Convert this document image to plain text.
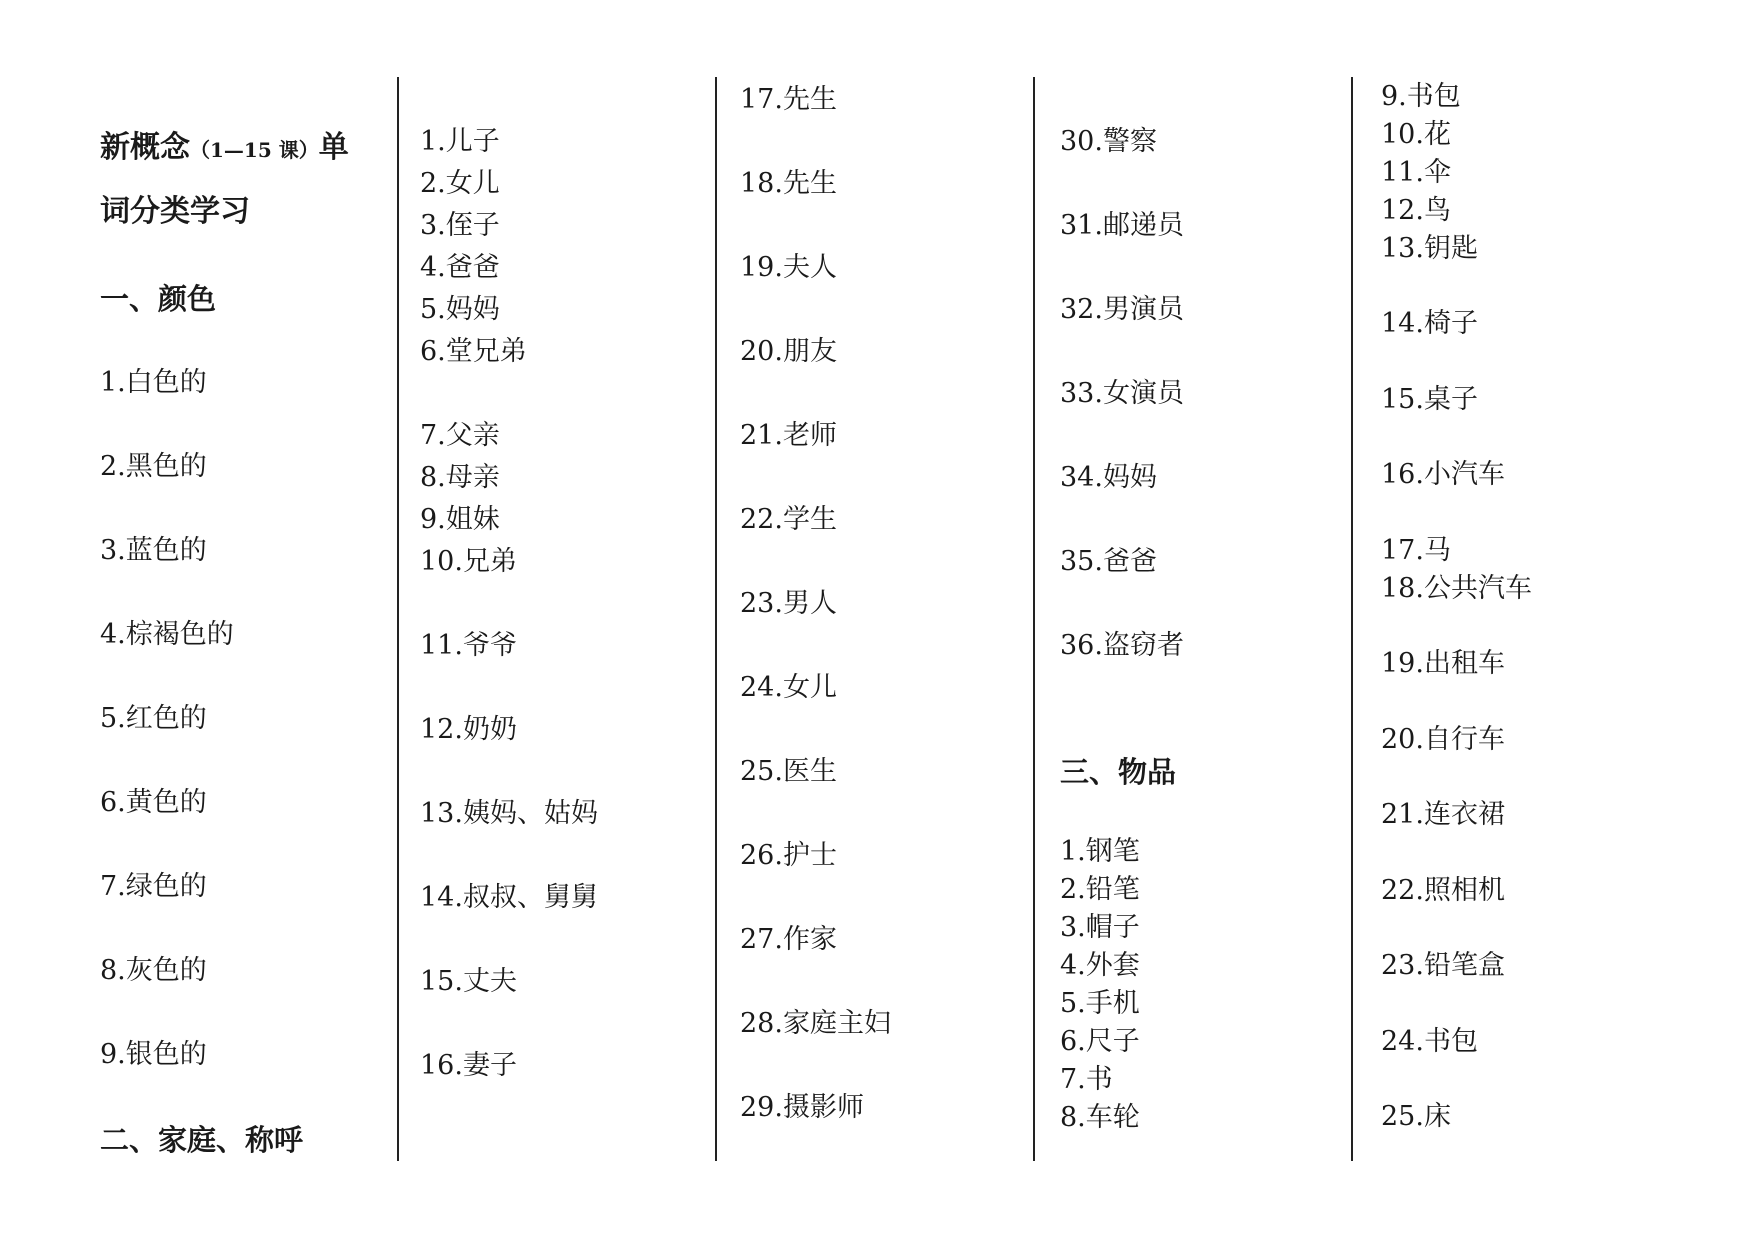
新概念（1—15 课）单
词分类学习
一、颜色
1.白色的
2.黑色的
3.蓝色的
4.棕褐色的
5.红色的
6.黄色的
7.绿色的
8.灰色的
9.银色的
二、家庭、称呼
1.儿子
2.女儿
3.侄子
4.爸爸
5.妈妈
6.堂兄弟
7.父亲
8.母亲
9.姐妹
10.兄弟
11.爷爷
12.奶奶
13.姨妈、姑妈
14.叔叔、舅舅
15.丈夫
16.妻子
17.先生
18.先生
19.夫人
20.朋友
21.老师
22.学生
23.男人
24.女儿
25.医生
26.护士
27.作家
28.家庭主妇
29.摄影师
30.警察
31.邮递员
32.男演员
33.女演员
34.妈妈
35.爸爸
36.盗窃者
三、物品
1.钢笔
2.铅笔
3.帽子
4.外套
5.手机
6.尺子
7.书
8.车轮
9.书包
10.花
11.伞
12.鸟
13.钥匙
14.椅子
15.桌子
16.小汽车
17.马
18.公共汽车
19.出租车
20.自行车
21.连衣裙
22.照相机
23.铅笔盒
24.书包
25.床
